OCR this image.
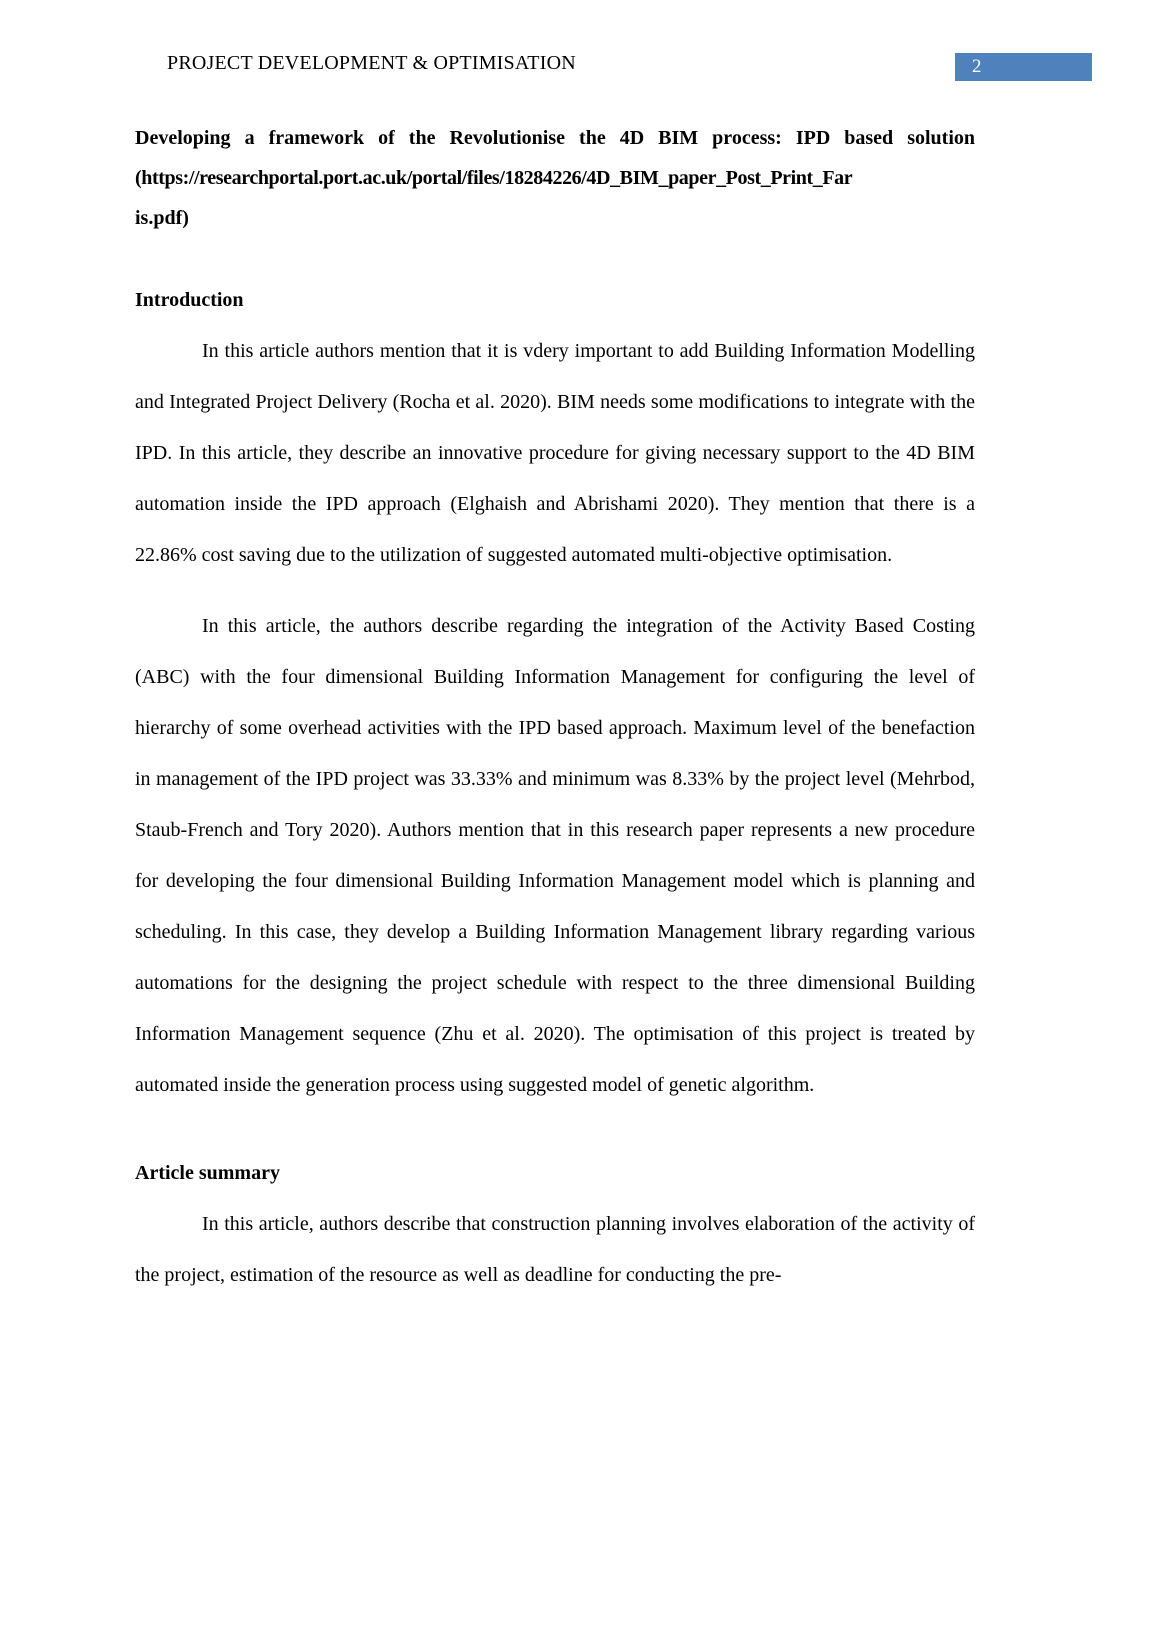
PROJECT DEVELOPMENT & OPTIMISATION	2
Developing a framework of the Revolutionise the 4D BIM process: IPD based solution
(https://researchportal.port.ac.uk/portal/files/18284226/4D_BIM_paper_Post_Print_Far
is.pdf)
Introduction

In this article authors mention that it is vdery important to add Building Information Modelling and Integrated Project Delivery (Rocha et al. 2020). BIM needs some modifications to integrate with the IPD. In this article, they describe an innovative procedure for giving necessary support to the 4D BIM automation inside the IPD approach (Elghaish and Abrishami 2020). They mention that there is a 22.86% cost saving due to the utilization of suggested automated multi-objective optimisation.

In this article, the authors describe regarding the integration of the Activity Based Costing (ABC) with the four dimensional Building Information Management for configuring the level of hierarchy of some overhead activities with the IPD based approach. Maximum level of the benefaction in management of the IPD project was 33.33% and minimum was 8.33% by the project level (Mehrbod, Staub-French and Tory 2020). Authors mention that in this research paper represents a new procedure for developing the four dimensional Building Information Management model which is planning and scheduling. In this case, they develop a Building Information Management library regarding various automations for the designing the project schedule with respect to the three dimensional Building Information Management sequence (Zhu et al. 2020). The optimisation of this project is treated by automated inside the generation process using suggested model of genetic algorithm.

Article summary

In this article, authors describe that construction planning involves elaboration of the activity of the project, estimation of the resource as well as deadline for conducting the pre-
